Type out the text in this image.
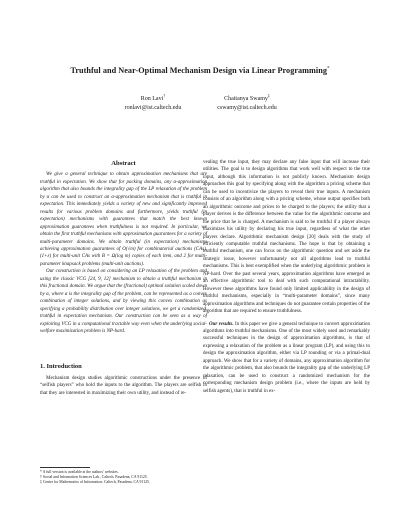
Truthful and Near-Optimal Mechanism Design via Linear Programming*
Ron Lavi†
ronlavi@ist.caltech.edu
Chaitanya Swamy‡
cswamy@ist.caltech.edu
Abstract

We give a general technique to obtain approximation mechanisms that are truthful in expectation. We show that for packing domains, any α-approximation algorithm that also bounds the integrality gap of the LP relaxation of the problem by α can be used to construct an α-approximation mechanism that is truthful in expectation. This immediately yields a variety of new and significantly improved results for various problem domains and furthermore, yields truthful (in expectation) mechanisms with guarantees that match the best known approximation guarantees when truthfulness is not required. In particular, we obtain the first truthful mechanisms with approximation guarantees for a variety of multi-parameter domains. We obtain truthful (in expectation) mechanisms achieving approximation guarantees of O(√m) for combinatorial auctions (CAs), (1+ε) for multi-unit CAs with B = Ω(log m) copies of each item, and 2 for multi-parameter knapsack problems (multi-unit auctions).

Our construction is based on considering an LP relaxation of the problem and using the classic VCG [24, 9, 12] mechanism to obtain a truthful mechanism in this fractional domain. We argue that the (fractional) optimal solution scaled down by α, where α is the integrality gap of the problem, can be represented as a convex combination of integer solutions, and by viewing this convex combination as specifying a probability distribution over integer solutions, we get a randomized, truthful in expectation mechanism. Our construction can be seen as a way of exploiting VCG in a computational tractable way even when the underlying social-welfare maximization problem is NP-hard.

1. Introduction

Mechanism design studies algorithmic constructions under the presence of “selfish players” who hold the inputs to the algorithm. The players are selfish in that they are interested in maximizing their own utility, and instead of re-

* A full version is available at the authors' websites.

† Social and Information Sciences Lab., Caltech, Pasadena, CA 91125.

‡ Center for Mathematics of Information, Caltech, Pasadena, CA 91125.

vealing the true input, they may declare any false input that will increase their utilities. The goal is to design algorithms that work well with respect to the true input, although this information is not publicly known. Mechanism design approaches this goal by specifying along with the algorithm a pricing scheme that can be used to incentivize the players to reveal their true inputs. A mechanism consists of an algorithm along with a pricing scheme, whose output specifies both an algorithmic outcome and prices to be charged to the players; the utility that a player derives is the difference between the value for the algorithmic outcome and the price that he is charged. A mechanism is said to be truthful if a player always maximizes his utility by declaring his true input, regardless of what the other players declare. Algorithmic mechanism design [20] deals with the study of efficiently computable truthful mechanisms. The hope is that by obtaining a truthful mechanism, one can focus on the algorithmic question and set aside the strategic issue, however unfortunately not all algorithms lead to truthful mechanisms. This is best exemplified when the underlying algorithmic problem is NP-hard. Over the past several years, approximation algorithms have emerged as an effective algorithmic tool to deal with such computational intractability. However these algorithms have found only limited applicability in the design of truthful mechanisms, especially in “multi-parameter domains”, since many approximation algorithms and techniques do not guarantee certain properties of the algorithm that are required to ensure truthfulness.

Our results. In this paper we give a general technique to convert approximation algorithms into truthful mechanisms. One of the most widely used and remarkably successful techniques in the design of approximation algorithms, is that of expressing a relaxation of the problem as a linear program (LP), and using this to design the approximation algorithm, either via LP rounding or via a primal-dual approach. We show that for a variety of domains, any approximation algorithm for the algorithmic problem, that also bounds the integrality gap of the underlying LP relaxation, can be used to construct a randomized mechanism for the corresponding mechanism design problem (i.e., where the inputs are held by selfish agents), that is truthful in ex-
